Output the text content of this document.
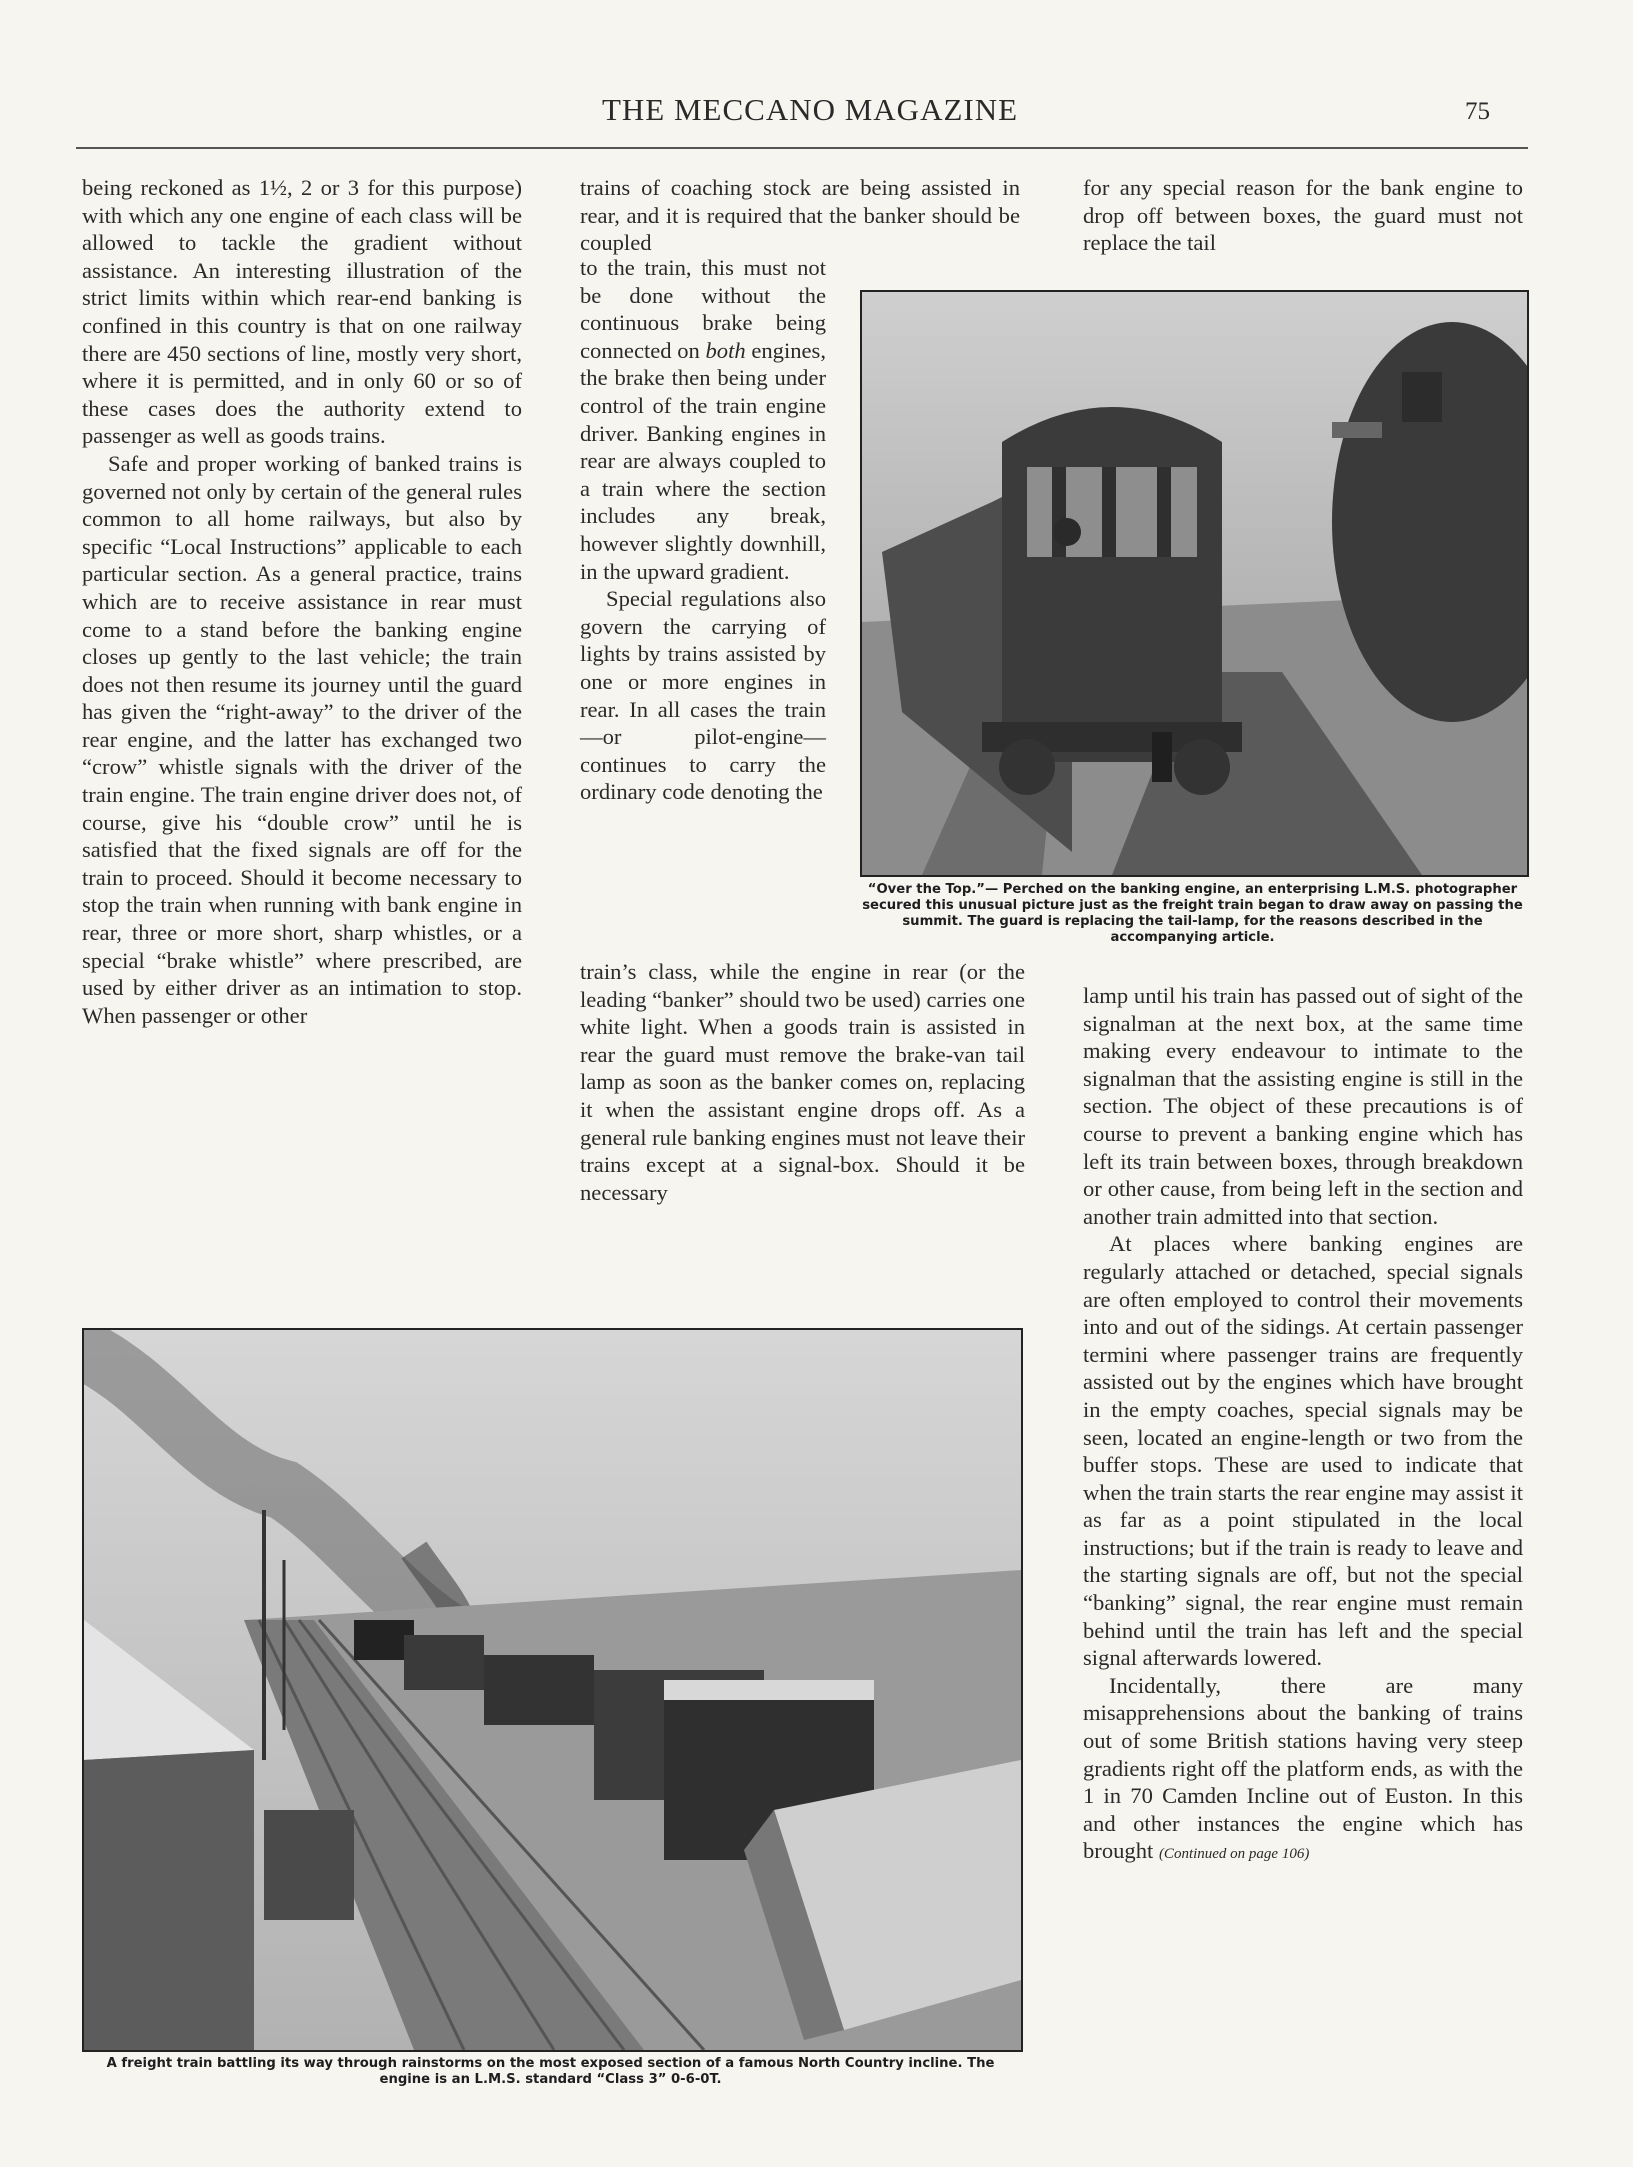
THE MECCANO MAGAZINE	75

being reckoned as 1½, 2 or 3 for this purpose) with which any one engine of each class will be allowed to tackle the gradient without assistance. An interesting illustration of the strict limits within which rear-end banking is confined in this country is that on one railway there are 450 sections of line, mostly very short, where it is permitted, and in only 60 or so of these cases does the authority extend to passenger as well as goods trains.

Safe and proper working of banked trains is governed not only by certain of the general rules common to all home railways, but also by specific “Local Instructions” applicable to each particular section. As a general practice, trains which are to receive assistance in rear must come to a stand before the banking engine closes up gently to the last vehicle; the train does not then resume its journey until the guard has given the “right-away” to the driver of the rear engine, and the latter has exchanged two “crow” whistle signals with the driver of the train engine. The train engine driver does not, of course, give his “double crow” until he is satisfied that the fixed signals are off for the train to proceed. Should it become necessary to stop the train when running with bank engine in rear, three or more short, sharp whistles, or a special “brake whistle” where prescribed, are used by either driver as an intimation to stop. When passenger or other

trains of coaching stock are being assisted in rear, and it is required that the banker should be coupled

to the train, this must not be done without the continuous brake being connected on both engines, the brake then being under control of the train engine driver. Banking engines in rear are always coupled to a train where the section includes any break, however slightly downhill, in the upward gradient.

Special regulations also govern the carrying of lights by trains assisted by one or more engines in rear. In all cases the train—or pilot-engine—continues to carry the ordinary code denoting the

train’s class, while the engine in rear (or the leading “banker” should two be used) carries one white light. When a goods train is assisted in rear the guard must remove the brake-van tail lamp as soon as the banker comes on, replacing it when the assistant engine drops off. As a general rule banking engines must not leave their trains except at a signal-box. Should it be necessary

for any special reason for the bank engine to drop off between boxes, the guard must not replace the tail

lamp until his train has passed out of sight of the signalman at the next box, at the same time making every endeavour to intimate to the signalman that the assisting engine is still in the section. The object of these precautions is of course to prevent a banking engine which has left its train between boxes, through breakdown or other cause, from being left in the section and another train admitted into that section.

At places where banking engines are regularly attached or detached, special signals are often employed to control their movements into and out of the sidings. At certain passenger termini where passenger trains are frequently assisted out by the engines which have brought in the empty coaches, special signals may be seen, located an engine-length or two from the buffer stops. These are used to indicate that when the train starts the rear engine may assist it as far as a point stipulated in the local instructions; but if the train is ready to leave and the starting signals are off, but not the special “banking” signal, the rear engine must remain behind until the train has left and the special signal afterwards lowered.

Incidentally, there are many misapprehensions about the banking of trains out of some British stations having very steep gradients right off the platform ends, as with the 1 in 70 Camden Incline out of Euston. In this and other instances the engine which has brought (Continued on page 106)

“Over the Top.”— Perched on the banking engine, an enterprising L.M.S. photographer secured this unusual picture just as the freight train began to draw away on passing the summit. The guard is replacing the tail-lamp, for the reasons described in the accompanying article.
A freight train battling its way through rainstorms on the most exposed section of a famous North Country incline. The engine is an L.M.S. standard “Class 3” 0-6-0T.
